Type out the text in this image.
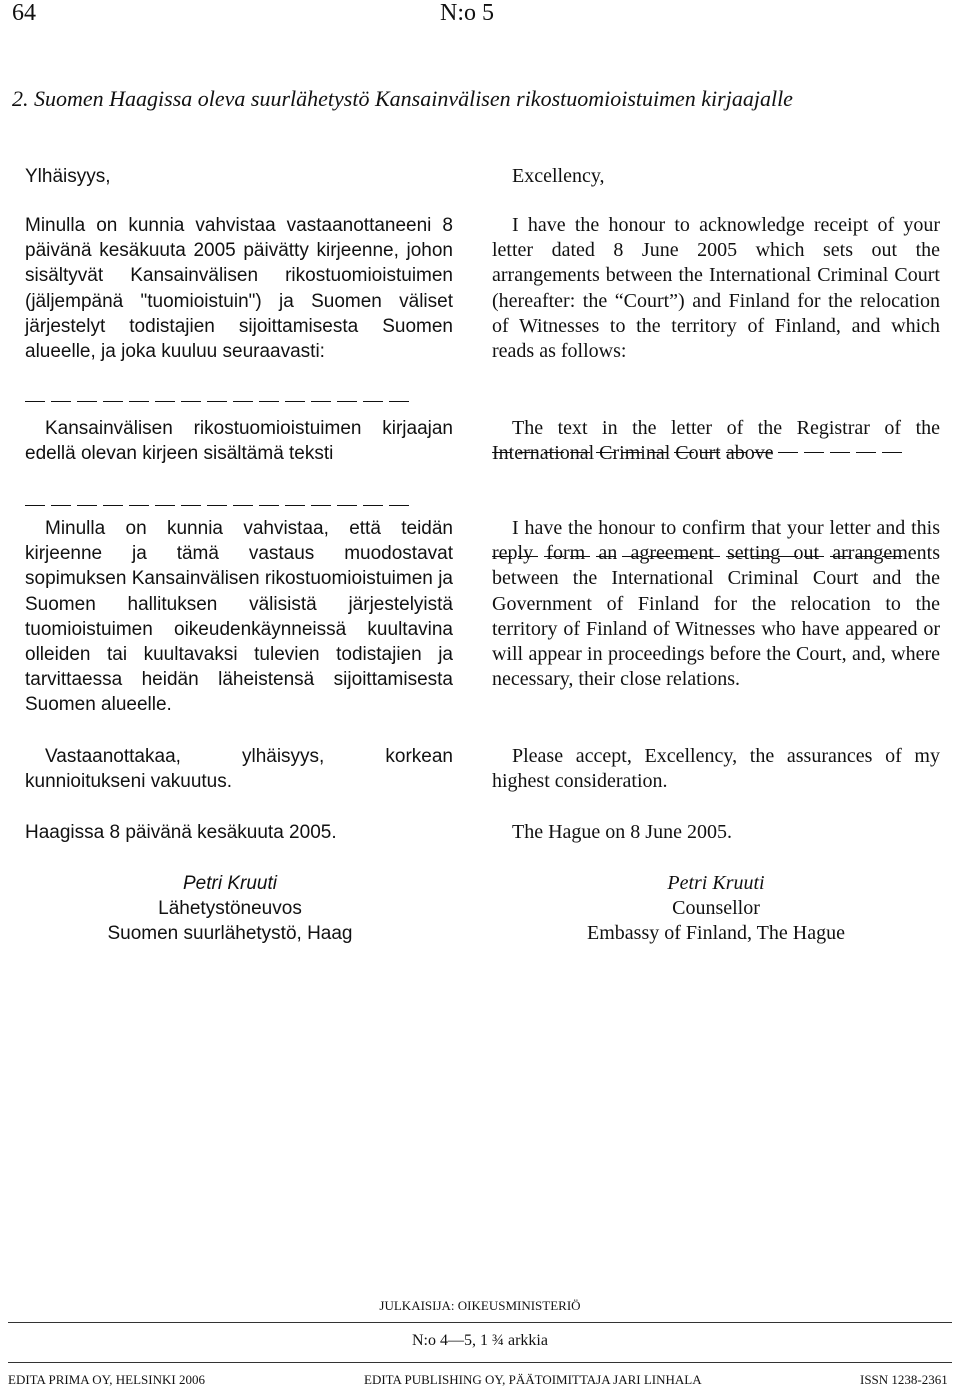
64	N:o 5
2. Suomen Haagissa oleva suurlähetystö Kansainvälisen rikostuomioistuimen kirjaajalle
Ylhäisyys,

Minulla on kunnia vahvistaa vastaanottaneeni 8 päivänä kesäkuuta 2005 päivätty kirjeenne, johon sisältyvät Kansainvälisen rikostuomioistuimen (jäljempänä "tuomioistuin") ja Suomen väliset järjestelyt todistajien sijoittamisesta Suomen alueelle, ja joka kuuluu seuraavasti:

Kansainvälisen rikostuomioistuimen kirjaajan edellä olevan kirjeen sisältämä teksti

Minulla on kunnia vahvistaa, että teidän kirjeenne ja tämä vastaus muodostavat sopimuksen Kansainvälisen rikostuomioistuimen ja Suomen hallituksen välisistä järjestelyistä tuomioistuimen oikeudenkäynneissä kuultavina olleiden tai kuultavaksi tulevien todistajien ja tarvittaessa heidän läheistensä sijoittamisesta Suomen alueelle.

Vastaanottakaa, ylhäisyys, korkean kunnioitukseni vakuutus.

Haagissa 8 päivänä kesäkuuta 2005.
Petri Kruuti
Lähetystöneuvos
Suomen suurlähetystö, Haag
Excellency,

I have the honour to acknowledge receipt of your letter dated 8 June 2005 which sets out the arrangements between the International Criminal Court (hereafter: the “Court”) and Finland for the relocation of Witnesses to the territory of Finland, and which reads as follows:

The text in the letter of the Registrar of the International Criminal Court above

I have the honour to confirm that your letter and this reply form an agreement setting out arrangements between the International Criminal Court and the Government of Finland for the relocation to the territory of Finland of Witnesses who have appeared or will appear in proceedings before the Court, and, where necessary, their close relations.

Please accept, Excellency, the assurances of my highest consideration.

The Hague on 8 June 2005.
Petri Kruuti
Counsellor
Embassy of Finland, The Hague
JULKAISIJA: OIKEUSMINISTERIÖ
N:o 4—5, 1 ¾ arkkia
EDITA PRIMA OY, HELSINKI 2006	EDITA PUBLISHING OY, PÄÄTOIMITTAJA JARI LINHALA	ISSN 1238-2361
